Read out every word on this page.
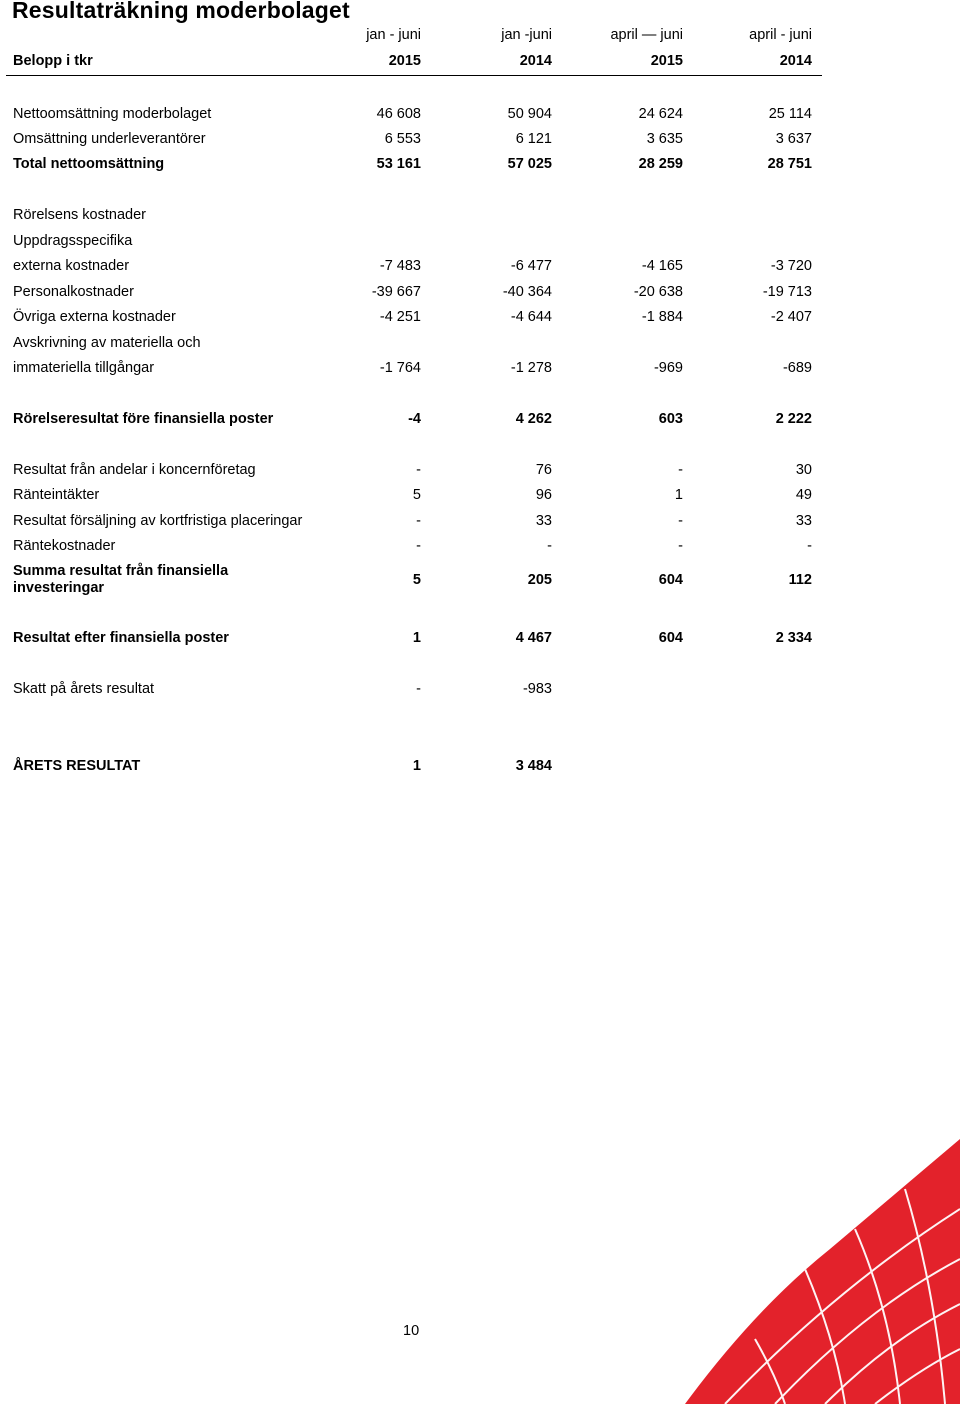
Resultaträkning moderbolaget
jan - juni	jan -juni	april — juni	april - juni
Belopp i tkr	2015	2014	2015	2014
Nettoomsättning moderbolaget	46 608	50 904	24 624	25 114
Omsättning underleverantörer	6 553	6 121	3 635	3 637
Total nettoomsättning	53 161	57 025	28 259	28 751
Rörelsens kostnader
Uppdragsspecifika
externa kostnader	-7 483	-6 477	-4 165	-3 720
Personalkostnader	-39 667	-40 364	-20 638	-19 713
Övriga externa kostnader	-4 251	-4 644	-1 884	-2 407
Avskrivning av materiella och
immateriella tillgångar	-1 764	-1 278	-969	-689
Rörelseresultat före finansiella poster	-4	4 262	603	2 222
Resultat från andelar i koncernföretag	-	76	-	30
Ränteintäkter	5	96	1	49
Resultat försäljning av kortfristiga placeringar	-	33	-	33
Räntekostnader	-	-	-	-
Summa resultat från finansiella investeringar	5	205	604	112
Resultat efter finansiella poster	1	4 467	604	2 334
Skatt på årets resultat	-	-983
ÅRETS RESULTAT	1	3 484
10
